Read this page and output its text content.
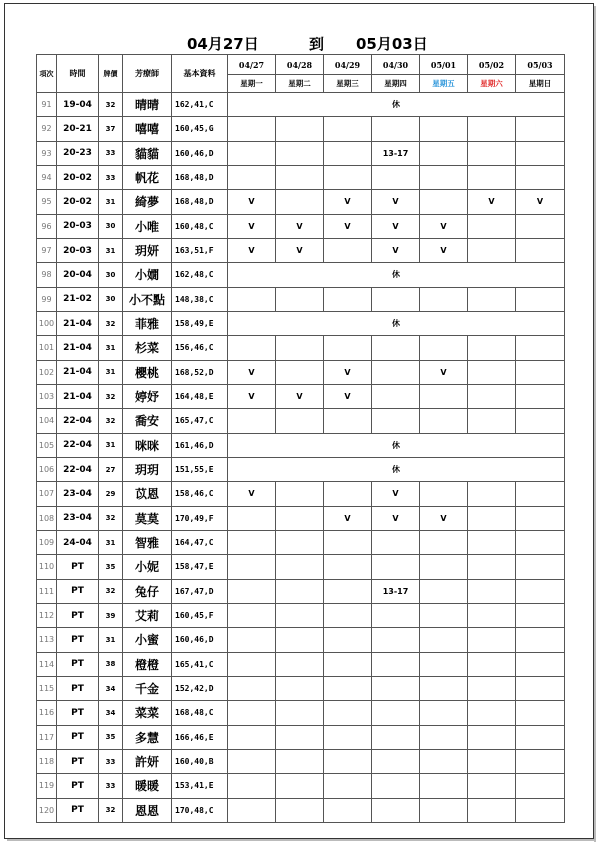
04月27日	到 05月03日
項次	時間	牌價	芳療師	基本資料	04/27	04/28	04/29	04/30	05/01	05/02	05/03
					星期一	星期二	星期三	星期四	星期五	星期六	星期日
91	19-04	32	晴晴	162,41,C	休						
92	20-21	37	嘻嘻	160,45,G							
93	20-23	33	貓貓	160,46,D				13-17			
94	20-02	33	帆花	168,48,D							
95	20-02	31	綺夢	168,48,D	V		V	V		V	V
96	20-03	30	小唯	160,48,C	V	V	V	V	V		
97	20-03	31	玥妍	163,51,F	V	V		V	V		
98	20-04	30	小嫺	162,48,C	休						
99	21-02	30	小不點	148,38,C							
100	21-04	32	菲雅	158,49,E	休						
101	21-04	31	杉菜	156,46,C							
102	21-04	31	櫻桃	168,52,D	V		V		V		
103	21-04	32	婷妤	164,48,E	V	V	V				
104	22-04	32	喬安	165,47,C							
105	22-04	31	咪咪	161,46,D	休						
106	22-04	27	玥玥	151,55,E	休						
107	23-04	29	苡恩	158,46,C	V			V			
108	23-04	32	莫莫	170,49,F			V	V	V		
109	24-04	31	智雅	164,47,C							
110	PT	35	小妮	158,47,E							
111	PT	32	兔仔	167,47,D				13-17			
112	PT	39	艾莉	160,45,F							
113	PT	31	小蜜	160,46,D							
114	PT	38	橙橙	165,41,C							
115	PT	34	千金	152,42,D							
116	PT	34	菜菜	168,48,C							
117	PT	35	多慧	166,46,E							
118	PT	33	許妍	160,40,B							
119	PT	33	暖暖	153,41,E							
120	PT	32	恩恩	170,48,C							
